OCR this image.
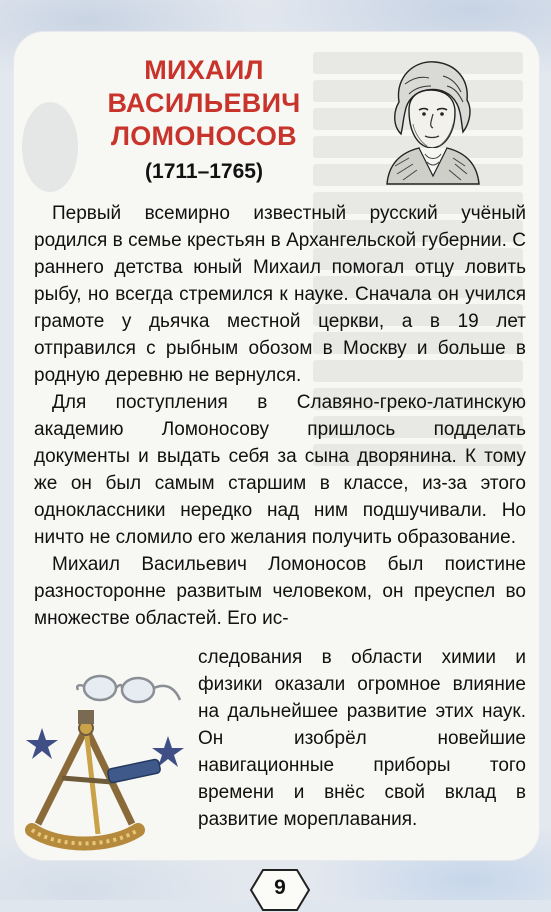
МИХАИЛ
ВАСИЛЬЕВИЧ
ЛОМОНОСОВ
(1711–1765)

Первый всемирно известный русский учёный родился в семье крестьян в Архангельской губернии. С раннего детства юный Михаил помогал отцу ловить рыбу, но всегда стремился к науке. Сначала он учился грамоте у дьячка местной церкви, а в 19 лет отправился с рыбным обозом в Москву и больше в родную деревню не вернулся.

Для поступления в Славяно-греко-латинскую академию Ломоносову пришлось подделать документы и выдать себя за сына дворянина. К тому же он был самым старшим в классе, из-за этого одноклассники нередко над ним подшучивали. Но ничто не сломило его желания получить образование.

Михаил Васильевич Ломоносов был поистине разносторонне развитым человеком, он преуспел во множестве областей. Его ис-

следования в области химии и физики оказали огромное влияние на дальнейшее развитие этих наук. Он изобрёл новейшие навигационные приборы того времени и внёс свой вклад в развитие мореплавания.
9
